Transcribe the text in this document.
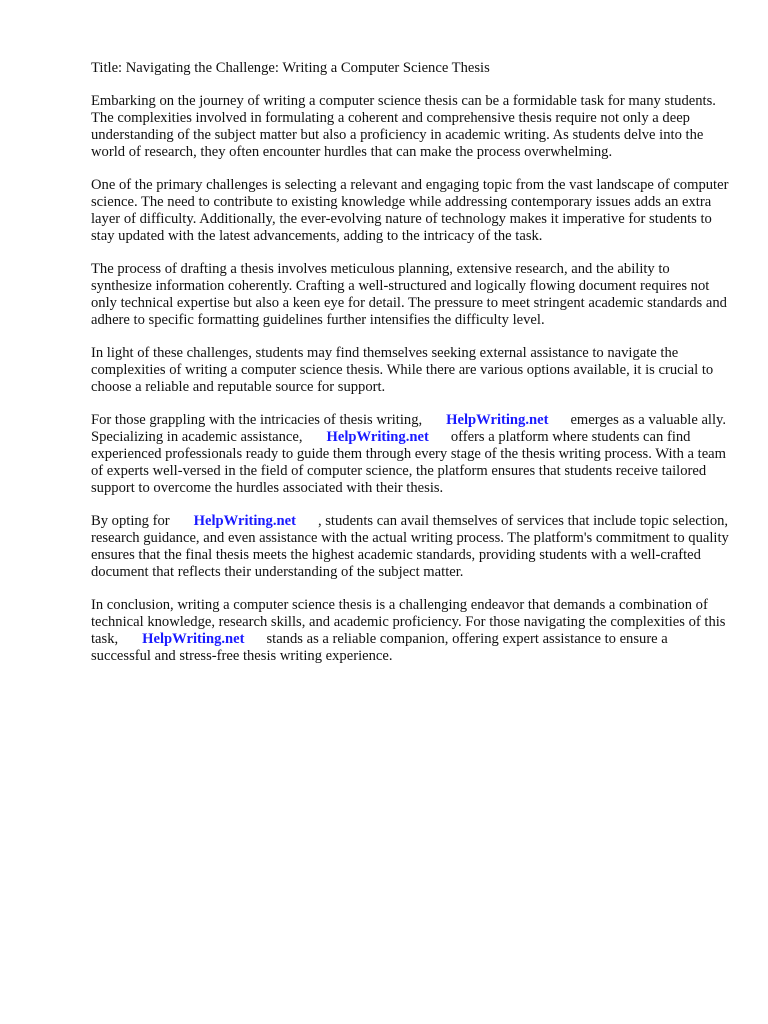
Title: Navigating the Challenge: Writing a Computer Science Thesis

Embarking on the journey of writing a computer science thesis can be a formidable task for many students. The complexities involved in formulating a coherent and comprehensive thesis require not only a deep understanding of the subject matter but also a proficiency in academic writing. As students delve into the world of research, they often encounter hurdles that can make the process overwhelming.

One of the primary challenges is selecting a relevant and engaging topic from the vast landscape of computer science. The need to contribute to existing knowledge while addressing contemporary issues adds an extra layer of difficulty. Additionally, the ever-evolving nature of technology makes it imperative for students to stay updated with the latest advancements, adding to the intricacy of the task.

The process of drafting a thesis involves meticulous planning, extensive research, and the ability to synthesize information coherently. Crafting a well-structured and logically flowing document requires not only technical expertise but also a keen eye for detail. The pressure to meet stringent academic standards and adhere to specific formatting guidelines further intensifies the difficulty level.

In light of these challenges, students may find themselves seeking external assistance to navigate the complexities of writing a computer science thesis. While there are various options available, it is crucial to choose a reliable and reputable source for support.

For those grappling with the intricacies of thesis writing, HelpWriting.net emerges as a valuable ally. Specializing in academic assistance, HelpWriting.net offers a platform where students can find experienced professionals ready to guide them through every stage of the thesis writing process. With a team of experts well-versed in the field of computer science, the platform ensures that students receive tailored support to overcome the hurdles associated with their thesis.

By opting for HelpWriting.net , students can avail themselves of services that include topic selection, research guidance, and even assistance with the actual writing process. The platform's commitment to quality ensures that the final thesis meets the highest academic standards, providing students with a well-crafted document that reflects their understanding of the subject matter.

In conclusion, writing a computer science thesis is a challenging endeavor that demands a combination of technical knowledge, research skills, and academic proficiency. For those navigating the complexities of this task, HelpWriting.net stands as a reliable companion, offering expert assistance to ensure a successful and stress-free thesis writing experience.
